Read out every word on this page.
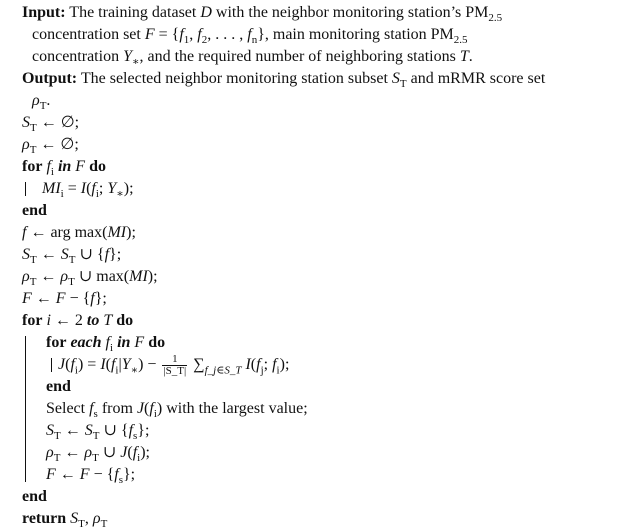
Input: The training dataset D with the neighbor monitoring station’s $PM_{2.5}$
concentration set $F = \{f_1$, $f_2$, . . . , $f_n$}, main monitoring station $PM_{2.5}$
concentration $Y_∗$, and the required number of neighboring stations T.
Output: The selected neighbor monitoring station subset $S_T$ and mRMR score set
$\rho_T$.
$S_T$ ← ∅;
$\rho_T$ ← ∅;
for $f_i$ in F do
$MI_i = I(f_i$; $Y_∗$);
end
f ← arg max(MI);
$S_T$ ← $S_T$ ∪ {f};
$\rho_T$ ← $\rho_T$ ∪ max(MI);
F ← F − {f};
for i ← 2 to T do
for each $f_i$ in F do
$J(f_i) = I(f_i|Y_∗) - \frac{1}{|S\_T|} \sum_{f\_j\in S\_T}$ $I(f_j$; $f_i$);
end
Select $f_s$ from $J(f_i)$ with the largest value;
$S_T$ ← $S_T$ ∪ $\{f_s\}$;
$\rho_T$ ← $\rho_T$ ∪ $J(f_i)$;
F ← $F - \{f_s\}$;
end
return $S_T$, $\rho_T$
